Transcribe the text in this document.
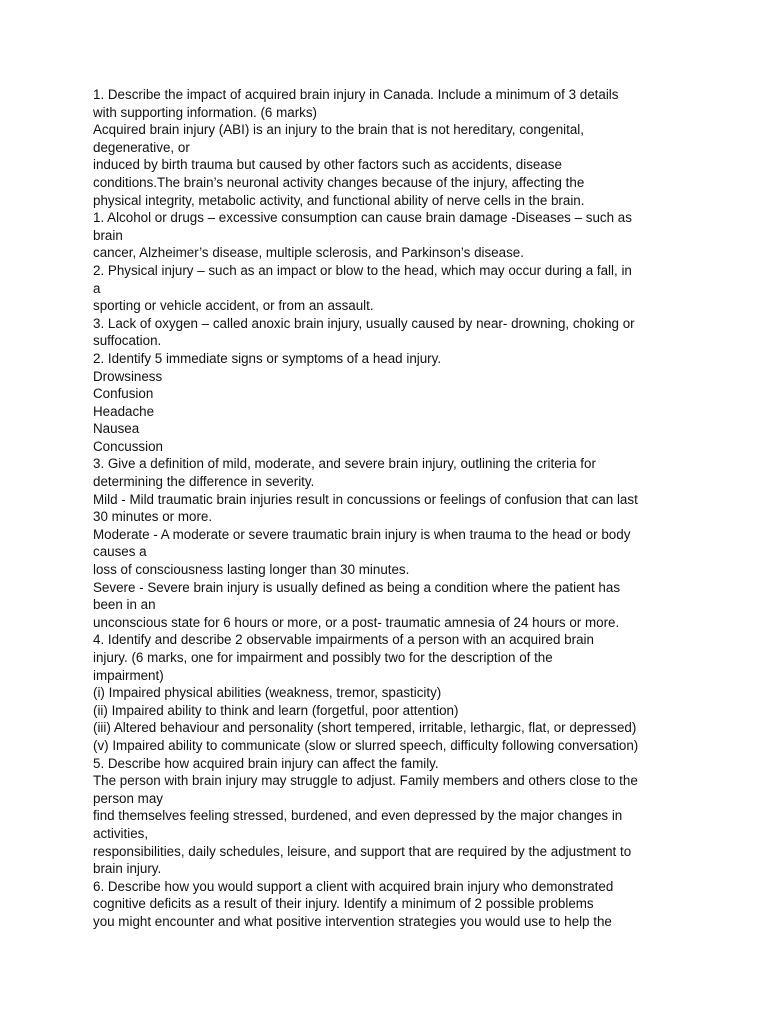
1. Describe the impact of acquired brain injury in Canada. Include a minimum of 3 details
with supporting information. (6 marks)
Acquired brain injury (ABI) is an injury to the brain that is not hereditary, congenital,
degenerative, or
induced by birth trauma but caused by other factors such as accidents, disease
conditions.The brain’s neuronal activity changes because of the injury, affecting the
physical integrity, metabolic activity, and functional ability of nerve cells in the brain.
1. Alcohol or drugs – excessive consumption can cause brain damage -Diseases – such as
brain
cancer, Alzheimer’s disease, multiple sclerosis, and Parkinson’s disease.
2. Physical injury – such as an impact or blow to the head, which may occur during a fall, in
a
sporting or vehicle accident, or from an assault.
3. Lack of oxygen – called anoxic brain injury, usually caused by near- drowning, choking or
suffocation.
2. Identify 5 immediate signs or symptoms of a head injury.
Drowsiness
Confusion
Headache
Nausea
Concussion
3. Give a definition of mild, moderate, and severe brain injury, outlining the criteria for
determining the difference in severity.
Mild - Mild traumatic brain injuries result in concussions or feelings of confusion that can last
30 minutes or more.
Moderate - A moderate or severe traumatic brain injury is when trauma to the head or body
causes a
loss of consciousness lasting longer than 30 minutes.
Severe - Severe brain injury is usually defined as being a condition where the patient has
been in an
unconscious state for 6 hours or more, or a post- traumatic amnesia of 24 hours or more.
4. Identify and describe 2 observable impairments of a person with an acquired brain
injury. (6 marks, one for impairment and possibly two for the description of the
impairment)
(i) Impaired physical abilities (weakness, tremor, spasticity)
(ii) Impaired ability to think and learn (forgetful, poor attention)
(iii) Altered behaviour and personality (short tempered, irritable, lethargic, flat, or depressed)
(v) Impaired ability to communicate (slow or slurred speech, difficulty following conversation)
5. Describe how acquired brain injury can affect the family.
The person with brain injury may struggle to adjust. Family members and others close to the
person may
find themselves feeling stressed, burdened, and even depressed by the major changes in
activities,
responsibilities, daily schedules, leisure, and support that are required by the adjustment to
brain injury.
6. Describe how you would support a client with acquired brain injury who demonstrated
cognitive deficits as a result of their injury. Identify a minimum of 2 possible problems
you might encounter and what positive intervention strategies you would use to help the
